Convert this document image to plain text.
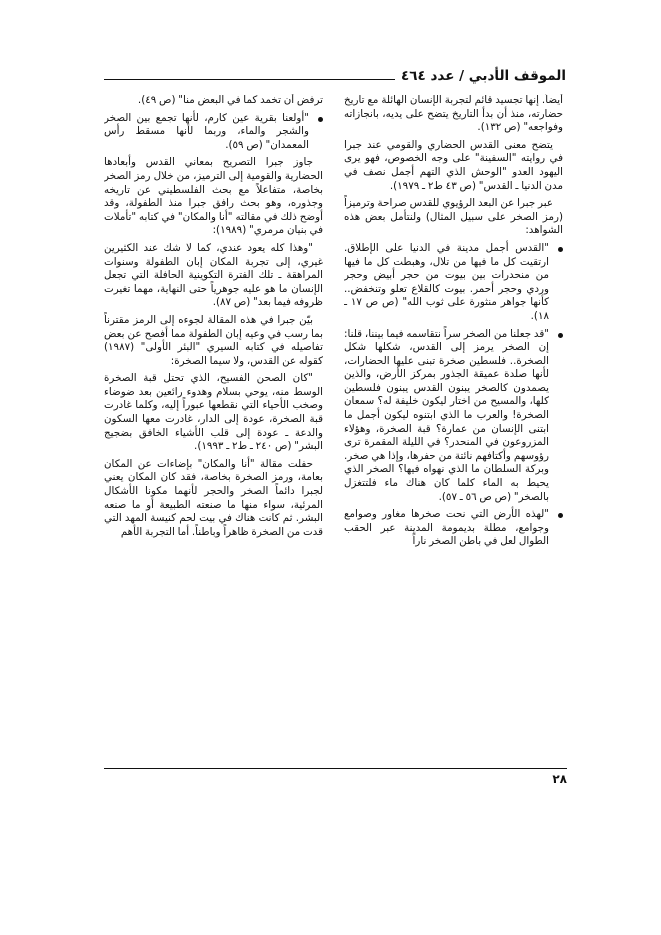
الموقف الأدبي / عدد ٤٦٤

أيضاً. إنها تجسيد قائم لتجربة الإنسان الهائلة مع تاريخ حضارته، منذ أن بدأ التاريخ يتضح على يديه، بانجازاته وفواجعه" (ص ١٣٢).

يتضح معنى القدس الحضاري والقومي عند جبرا في روايته "السفينة" على وجه الخصوص، فهو يرى اليهود العدو "الوحش الذي التهم أجمل نصف في مدن الدنيا ـ القدس" (ص ٤٣ ط٢ ـ ١٩٧٩).

عبر جبرا عن البعد الرؤيوي للقدس صراحة وترميزاً (رمز الصخر على سبيل المثال) ولنتأمل بعض هذه الشواهد:

"القدس أجمل مدينة في الدنيا على الإطلاق. ارتقيت كل ما فيها من تلال، وهبطت كل ما فيها من منحدرات بين بيوت من حجر أبيض وحجر وردي وحجر أحمر. بيوت كالقلاع تعلو وتنخفض.. كأنها جواهر منثورة على ثوب الله" (ص ص ١٧ ـ ١٨).
"قد جعلنا من الصخر سراً نتقاسمه فيما بيننا، قلنا: إن الصخر يرمز إلى القدس، شكلها شكل الصخرة.. فلسطين صخرة تبنى عليها الحضارات، لأنها صلدة عميقة الجذور بمركز الأرض، والذين يصمدون كالصخر يبنون القدس يبنون فلسطين كلها، والمسيح من اختار ليكون خليفة له؟ سمعان الصخرة! والعرب ما الذي ابتنوه ليكون أجمل ما ابتنى الإنسان من عمارة؟ قبة الصخرة، وهؤلاء المزروعون في المنحدر؟ في الليلة المقمرة ترى رؤوسهم وأكتافهم نائتة من حفرها، وإذا هي صخر. وبركة السلطان ما الذي نهواه فيها؟ الصخر الذي يحيط به الماء كلما كان هناك ماء فلتتغزل بالصخر" (ص ص ٥٦ ـ ٥٧).
"لهذه الأرض التي نحت صخرها مغاور وصوامع وجوامع، مطلة بديمومة المدينة عبر الحقب الطوال لعل في باطن الصخر ناراً

ترفض أن تخمد كما في البعض منا" (ص ٤٩).

"أولعنا بقرية عين كارم، لأنها تجمع بين الصخر والشجر والماء، وربما لأنها مسقط رأس المعمدان" (ص ٥٩).

جاوز جبرا التصريح بمعاني القدس وأبعادها الحضارية والقومية إلى الترميز، من خلال رمز الصخر بخاصة، متفاعلاً مع بحث الفلسطيني عن تاريخه وجذوره، وهو بحث رافق جبرا منذ الطفولة، وقد أوضح ذلك في مقالته "أنا والمكان" في كتابه "تأملات في بنيان مرمري" (١٩٨٩):

"وهذا كله يعود عندي، كما لا شك عند الكثيرين غيري، إلى تجربة المكان إبان الطفولة وسنوات المراهقة ـ تلك الفترة التكوينية الحافلة التي تجعل الإنسان ما هو عليه جوهرياً حتى النهاية، مهما تغيرت ظروفه فيما بعد" (ص ٨٧).

بيّن جبرا في هذه المقالة لجوءه إلى الرمز مقترناً بما رسب في وعيه إبان الطفولة مما أفصح عن بعض تفاصيله في كتابه السيري "البئر الأولى" (١٩٨٧) كقوله عن القدس، ولا سيما الصخرة:

"كان الصحن الفسيح، الذي تحتل قبة الصخرة الوسط منه، يوحي بسلام وهدوء رائعين بعد ضوضاء وصخب الأحياء التي نقطعها عبوراً إليه، وكلما غادرت قبة الصخرة، عودة إلى الدار، غادرت معها السكون والدعة ـ عودة إلى قلب الأشياء الخافق بضجيج البشر" (ص ٢٤٠ ـ ط٢ ـ ١٩٩٣).

حفلت مقالة "أنا والمكان" بإضاءات عن المكان بعامة، ورمز الصخرة بخاصة، فقد كان المكان يعني لجبرا دائماً الصخر والحجر لأنهما مكونا الأشكال المرئية، سواء منها ما صنعته الطبيعة أو ما صنعه البشر. ثم كانت هناك في بيت لحم كنيسة المهد التي قدت من الصخرة ظاهراً وباطناً. أما التجربة الأهم

٢٨
